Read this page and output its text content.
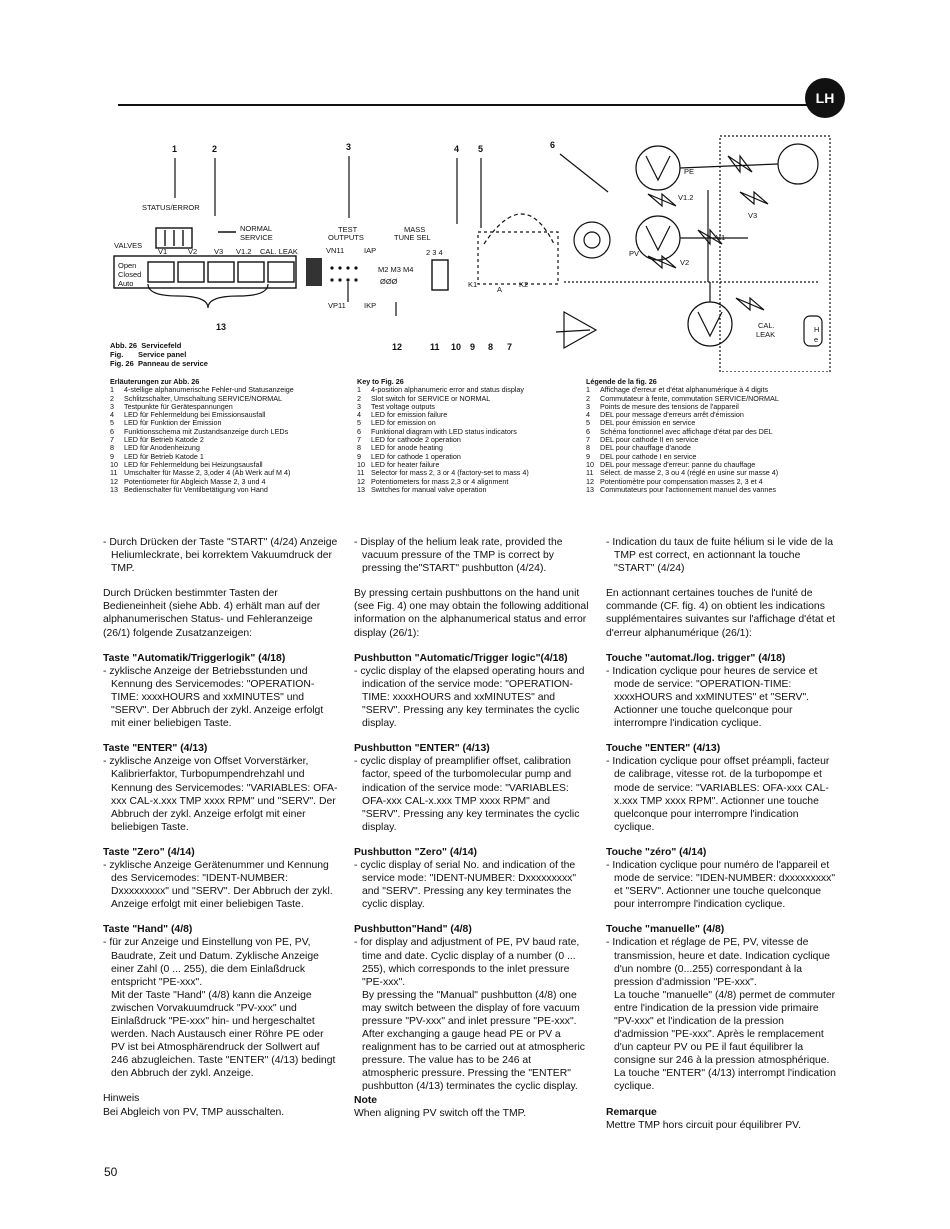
LH
1	2	3	4 5	6
13
12	11 10 9 8 7
STATUS/ERROR
NORMAL
SERVICE
VALVES
V1	V2 V3 V1.2 CAL. LEAK
Open
Closed
Auto
TEST
OUTPUTS
MASS
TUNE SEL
VN11	IAP	2 3 4
M2 M3 M4
ØØØ
VP11 IKP
K1	K2
A
PE
PV
V1.2
V3
V1
V2
CAL.
LEAK
H
e
Abb. 26 Servicefeld
Fig. Service panel
Fig. 26 Panneau de service
Erläuterungen zur Abb. 26
1	4-stellige alphanumerische Fehler-und Statusanzeige
2	Schlitzschalter, Umschaltung SERVICE/NORMAL
3	Testpunkte für Gerätespannungen
4	LED für Fehlermeldung bei Emissionsausfall
5	LED für Funktion der Emission
6	Funktionsschema mit Zustandsanzeige durch LEDs
7	LED für Betrieb Katode 2
8	LED für Anodenheizung
9	LED für Betrieb Katode 1
10 LED für Fehlermeldung bei Heizungsausfall
11 Umschalter für Masse 2, 3,oder 4 (Ab Werk auf M 4)
12 Potentiometer für Abgleich Masse 2, 3 und 4
13 Bedienschalter für Ventilbetätigung von Hand
Key to Fig. 26
1	4-position alphanumeric error and status display
2	Slot switch for SERVICE or NORMAL
3	Test voltage outputs
4	LED for emission failure
5	LED for emission on
6	Funktional diagram with LED status indicators
7	LED for cathode 2 operation
8	LED for anode heating
9	LED for cathode 1 operation
10 LED for heater failure
11 Selector for mass 2, 3 or 4 (factory-set to mass 4)
12 Potentiometers for mass 2,3 or 4 alignment
13 Switches for manual valve operation
Légende de la fig. 26
1	Affichage d'erreur et d'état alphanumérique à 4 digits
2	Commutateur à fente, commutation SERVICE/NORMAL
3	Points de mesure des tensions de l'appareil
4	DEL pour message d'erreurs arrêt d'émission
5	DEL pour émission en service
6	Schéma fonctionnel avec affichage d'état par des DEL
7	DEL pour cathode II en service
8	DEL pour chauffage d'anode
9	DEL pour cathode I en service
10 DEL pour message d'erreur: panne du chauffage
11 Sélect. de masse 2, 3 ou 4 (réglé en usine sur masse 4)
12 Potentiomètre pour compensation masses 2, 3 et 4
13 Commutateurs pour l'actionnement manuel des vannes

- Durch Drücken der Taste "START" (4/24) Anzeige Heliumleckrate, bei korrektem Vakuumdruck der TMP.

Durch Drücken bestimmter Tasten der Bedieneinheit (siehe Abb. 4) erhält man auf der alphanumerischen Status- und Fehleranzeige (26/1) folgende Zusatzanzeigen:

Taste "Automatik/Triggerlogik" (4/18)
- zyklische Anzeige der Betriebsstunden und Kennung des Servicemodes: "OPERATION-TIME: xxxxHOURS and xxMINUTES" und "SERV". Der Abbruch der zykl. Anzeige erfolgt mit einer beliebigen Taste.
Taste "ENTER" (4/13)
- zyklische Anzeige von Offset Vorverstärker, Kalibrierfaktor, Turbopumpendrehzahl und Kennung des Servicemodes: "VARIABLES: OFA-xxx CAL-x.xxx TMP xxxx RPM" und "SERV". Der Abbruch der zykl. Anzeige erfolgt mit einer beliebigen Taste.
Taste "Zero" (4/14)
- zyklische Anzeige Gerätenummer und Kennung des Servicemodes: "IDENT-NUMBER: Dxxxxxxxxx" und "SERV". Der Abbruch der zykl. Anzeige erfolgt mit einer beliebigen Taste.
Taste "Hand" (4/8)
- für zur Anzeige und Einstellung von PE, PV, Baudrate, Zeit und Datum. Zyklische Anzeige einer Zahl (0 ... 255), die dem Einlaßdruck entspricht "PE-xxx".
Mit der Taste "Hand" (4/8) kann die Anzeige zwischen Vorvakuumdruck "PV-xxx" und Einlaßdruck "PE-xxx" hin- und hergeschaltet werden. Nach Austausch einer Röhre PE oder PV ist bei Atmosphärendruck der Sollwert auf 246 abzugleichen. Taste "ENTER" (4/13) bedingt den Abbruch der zykl. Anzeige.
Hinweis
Bei Abgleich von PV, TMP ausschalten.

- Display of the helium leak rate, provided the vacuum pressure of the TMP is correct by pressing the"START" pushbutton (4/24).

By pressing certain pushbuttons on the hand unit (see Fig. 4) one may obtain the following additional information on the alphanumerical status and error display (26/1):

Pushbutton "Automatic/Trigger logic"(4/18)
- cyclic display of the elapsed operating hours and indication of the service mode: "OPERATION-TIME: xxxxHOURS and xxMINUTES" and "SERV". Pressing any key terminates the cyclic display.
Pushbutton "ENTER" (4/13)
- cyclic display of preamplifier offset, calibration factor, speed of the turbomolecular pump and indication of the service mode: "VARIABLES: OFA-xxx CAL-x.xxx TMP xxxx RPM" and "SERV". Pressing any key terminates the cyclic display.
Pushbutton "Zero" (4/14)
- cyclic display of serial No. and indication of the service mode: "IDENT-NUMBER: Dxxxxxxxxx" and "SERV". Pressing any key terminates the cyclic display.
Pushbutton"Hand" (4/8)
- for display and adjustment of PE, PV baud rate, time and date. Cyclic display of a number (0 ... 255), which corresponds to the inlet pressure "PE-xxx".
By pressing the "Manual" pushbutton (4/8) one may switch between the display of fore vacuum pressure "PV-xxx" and inlet pressure "PE-xxx". After exchanging a gauge head PE or PV a realignment has to be carried out at atmospheric pressure. The value has to be 246 at atmospheric pressure. Pressing the "ENTER" pushbutton (4/13) terminates the cyclic display.
Note
When aligning PV switch off the TMP.

- Indication du taux de fuite hélium si le vide de la TMP est correct, en actionnant la touche "START" (4/24)

En actionnant certaines touches de l'unité de commande (CF. fig. 4) on obtient les indications supplémentaires suivantes sur l'affichage d'état et d'erreur alphanumérique (26/1):

Touche "automat./log. trigger" (4/18)
- Indication cyclique pour heures de service et mode de service: "OPERATION-TIME: xxxxHOURS and xxMINUTES" et "SERV". Actionner une touche quelconque pour interrompre l'indication cyclique.
Touche "ENTER" (4/13)
- Indication cyclique pour offset préampli, facteur de calibrage, vitesse rot. de la turbopompe et mode de service: "VARIABLES: OFA-xxx CAL-x.xxx TMP xxxx RPM". Actionner une touche quelconque pour interrompre l'indication cyclique.
Touche "zéro" (4/14)
- Indication cyclique pour numéro de l'appareil et mode de service: "IDEN-NUMBER: dxxxxxxxxx" et "SERV". Actionner une touche quelconque pour interrompre l'indication cyclique.
Touche "manuelle" (4/8)
- Indication et réglage de PE, PV, vitesse de transmission, heure et date. Indication cyclique d'un nombre (0...255) correspondant à la pression d'admission "PE-xxx".
La touche "manuelle" (4/8) permet de commuter entre l'indication de la pression vide primaire "PV-xxx" et l'indication de la pression d'admission "PE-xxx". Après le remplacement d'un capteur PV ou PE il faut équilibrer la consigne sur 246 à la pression atmosphérique. La touche "ENTER" (4/13) interrompt l'indication cyclique.
Remarque
Mettre TMP hors circuit pour équilibrer PV.
50
